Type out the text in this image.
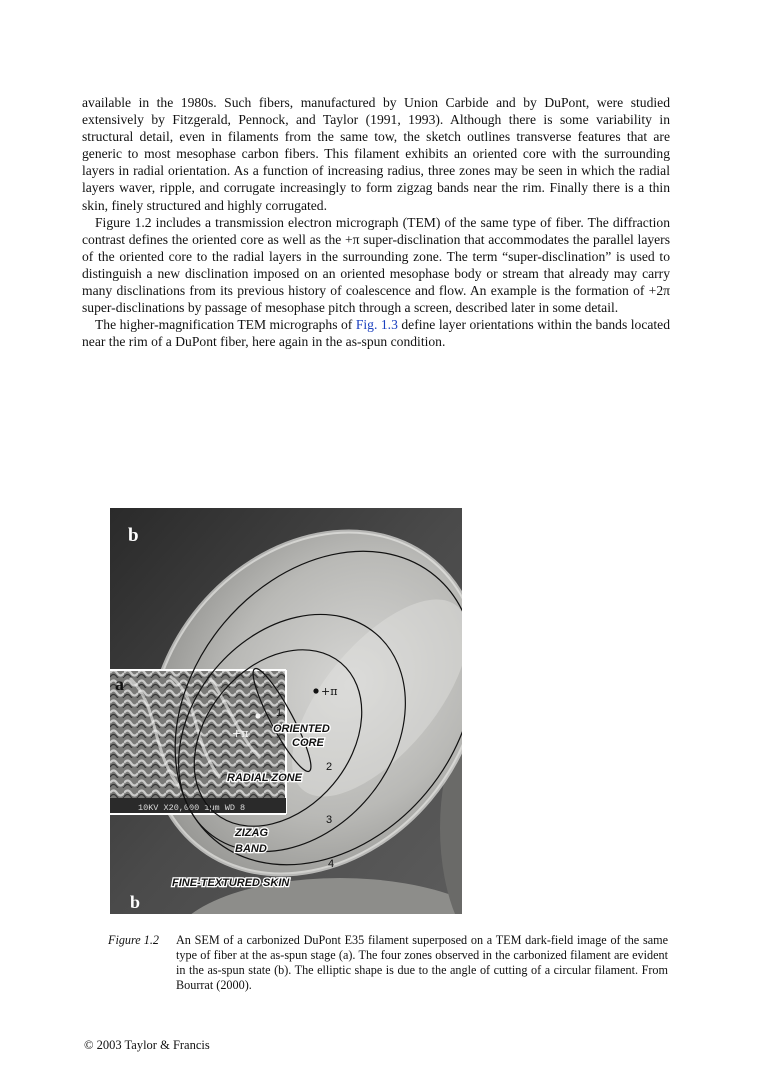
available in the 1980s. Such fibers, manufactured by Union Carbide and by DuPont, were studied extensively by Fitzgerald, Pennock, and Taylor (1991, 1993). Although there is some variability in structural detail, even in filaments from the same tow, the sketch outlines transverse features that are generic to most mesophase carbon fibers. This filament exhibits an oriented core with the surrounding layers in radial orientation. As a function of increasing radius, three zones may be seen in which the radial layers waver, ripple, and corrugate increasingly to form zigzag bands near the rim. Finally there is a thin skin, finely structured and highly corrugated.

Figure 1.2 includes a transmission electron micrograph (TEM) of the same type of fiber. The diffraction contrast defines the oriented core as well as the +π super-disclination that accommodates the parallel layers of the oriented core to the radial layers in the surrounding zone. The term “super-disclination” is used to distinguish a new disclination imposed on an oriented mesophase body or stream that already may carry many disclinations from its previous history of coalescence and flow. An example is the formation of +2π super-disclinations by passage of mesophase pitch through a screen, described later in some detail.

The higher-magnification TEM micrographs of Fig. 1.3 define layer orientations within the bands located near the rim of a DuPont fiber, here again in the as-spun condition.

10KV X20,000 1µm WD 8
+π
+π
b
a
b
1
2
3
4
ORIENTED
CORE
RADIAL ZONE
ZIZAG
BAND
FINE-TEXTURED SKIN
Figure 1.2	An SEM of a carbonized DuPont E35 filament superposed on a TEM dark-field image of the same type of fiber at the as-spun stage (a). The four zones observed in the carbonized filament are evident in the as-spun state (b). The elliptic shape is due to the angle of cutting of a circular filament. From Bourrat (2000).
© 2003 Taylor & Francis
